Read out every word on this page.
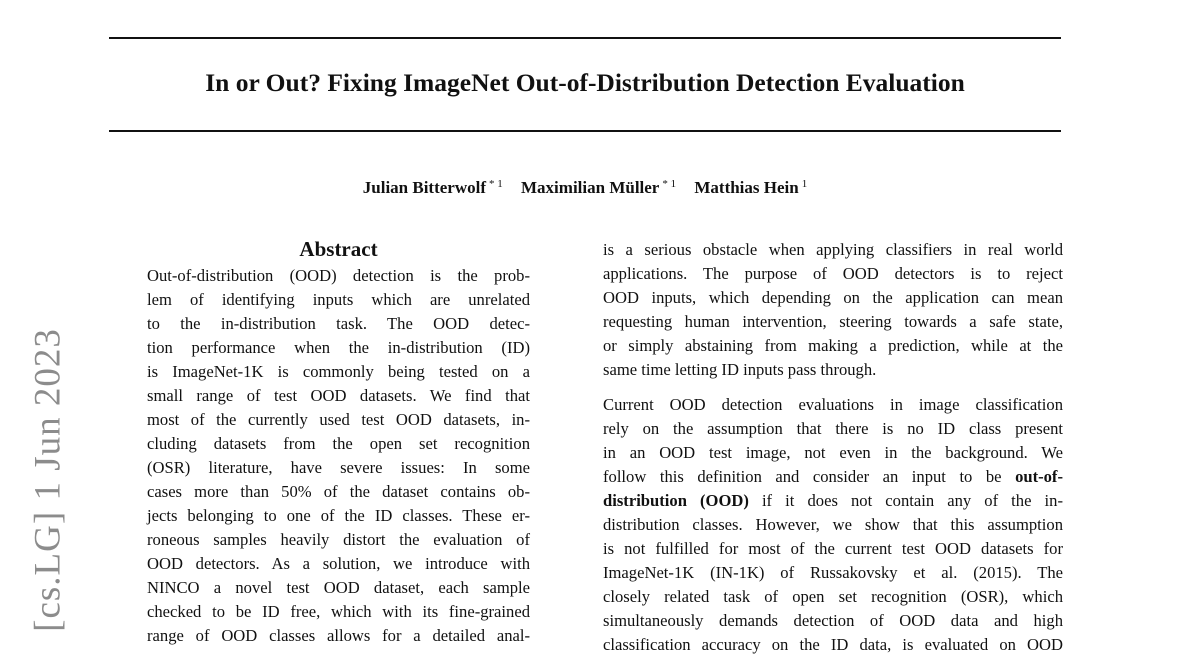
In or Out? Fixing ImageNet Out-of-Distribution Detection Evaluation
Julian Bitterwolf $^{* 1}$ Maximilian Müller $^{* 1}$ Matthias Hein $^1$
[cs.LG] 1 Jun 2023
Abstract
Out-of-distribution (OOD) detection is the prob-
lem of identifying inputs which are unrelated
to the in-distribution task. The OOD detec-
tion performance when the in-distribution (ID)
is ImageNet-1K is commonly being tested on a
small range of test OOD datasets. We find that
most of the currently used test OOD datasets, in-
cluding datasets from the open set recognition
(OSR) literature, have severe issues: In some
cases more than 50% of the dataset contains ob-
jects belonging to one of the ID classes. These er-
roneous samples heavily distort the evaluation of
OOD detectors. As a solution, we introduce with
NINCO a novel test OOD dataset, each sample
checked to be ID free, which with its fine-grained
range of OOD classes allows for a detailed anal-
is a serious obstacle when applying classifiers in real world
applications. The purpose of OOD detectors is to reject
OOD inputs, which depending on the application can mean
requesting human intervention, steering towards a safe state,
or simply abstaining from making a prediction, while at the
same time letting ID inputs pass through.
Current OOD detection evaluations in image classification
rely on the assumption that there is no ID class present
in an OOD test image, not even in the background. We
follow this definition and consider an input to be out-of-
distribution (OOD) if it does not contain any of the in-
distribution classes. However, we show that this assumption
is not fulfilled for most of the current test OOD datasets for
ImageNet-1K (IN-1K) of Russakovsky et al. (2015). The
closely related task of open set recognition (OSR), which
simultaneously demands detection of OOD data and high
classification accuracy on the ID data, is evaluated on OOD
